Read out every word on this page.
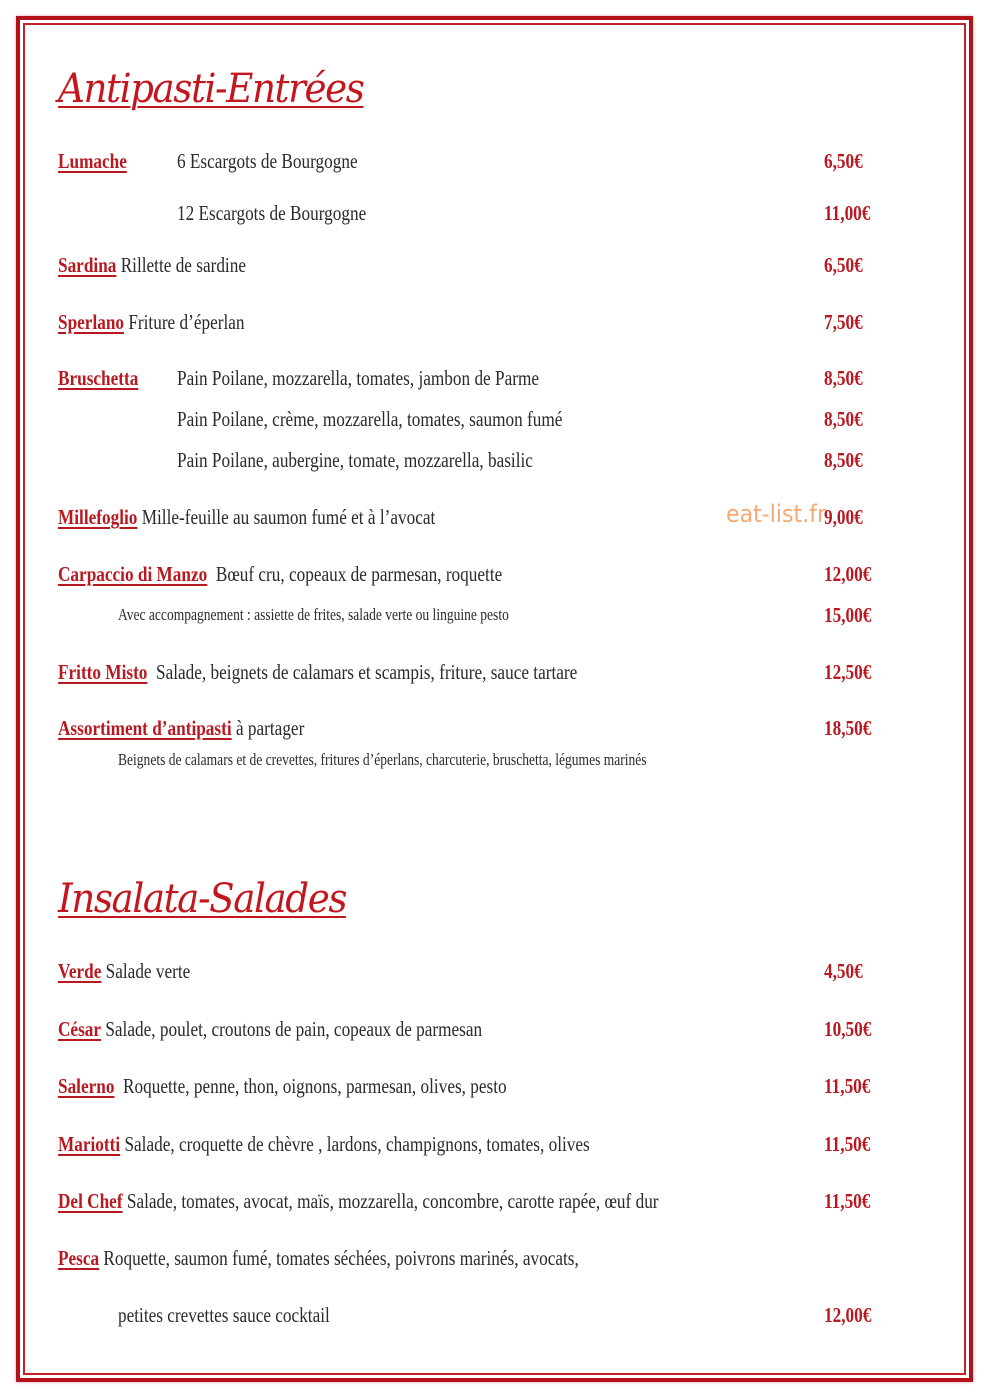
Antipasti-Entrées
Lumache 6 Escargots de Bourgogne	6,50€
12 Escargots de Bourgogne	11,00€
Sardina Rillette de sardine	6,50€
Sperlano Friture d’éperlan	7,50€
Bruschetta Pain Poilane, mozzarella, tomates, jambon de Parme	8,50€
Pain Poilane, crème, mozzarella, tomates, saumon fumé	8,50€
Pain Poilane, aubergine, tomate, mozzarella, basilic	8,50€
Millefoglio Mille-feuille au saumon fumé et à l’avocat	9,00€
Carpaccio di Manzo Bœuf cru, copeaux de parmesan, roquette	12,00€
Avec accompagnement : assiette de frites, salade verte ou linguine pesto	15,00€
Fritto Misto Salade, beignets de calamars et scampis, friture, sauce tartare	12,50€
Assortiment d’antipasti à partager	18,50€
Beignets de calamars et de crevettes, fritures d’éperlans, charcuterie, bruschetta, légumes marinés
Insalata-Salades
Verde Salade verte	4,50€
César Salade, poulet, croutons de pain, copeaux de parmesan	10,50€
Salerno Roquette, penne, thon, oignons, parmesan, olives, pesto	11,50€
Mariotti Salade, croquette de chèvre , lardons, champignons, tomates, olives	11,50€
Del Chef Salade, tomates, avocat, maïs, mozzarella, concombre, carotte rapée, œuf dur	11,50€
Pesca Roquette, saumon fumé, tomates séchées, poivrons marinés, avocats,
petites crevettes sauce cocktail	12,00€
eat-list.fr
